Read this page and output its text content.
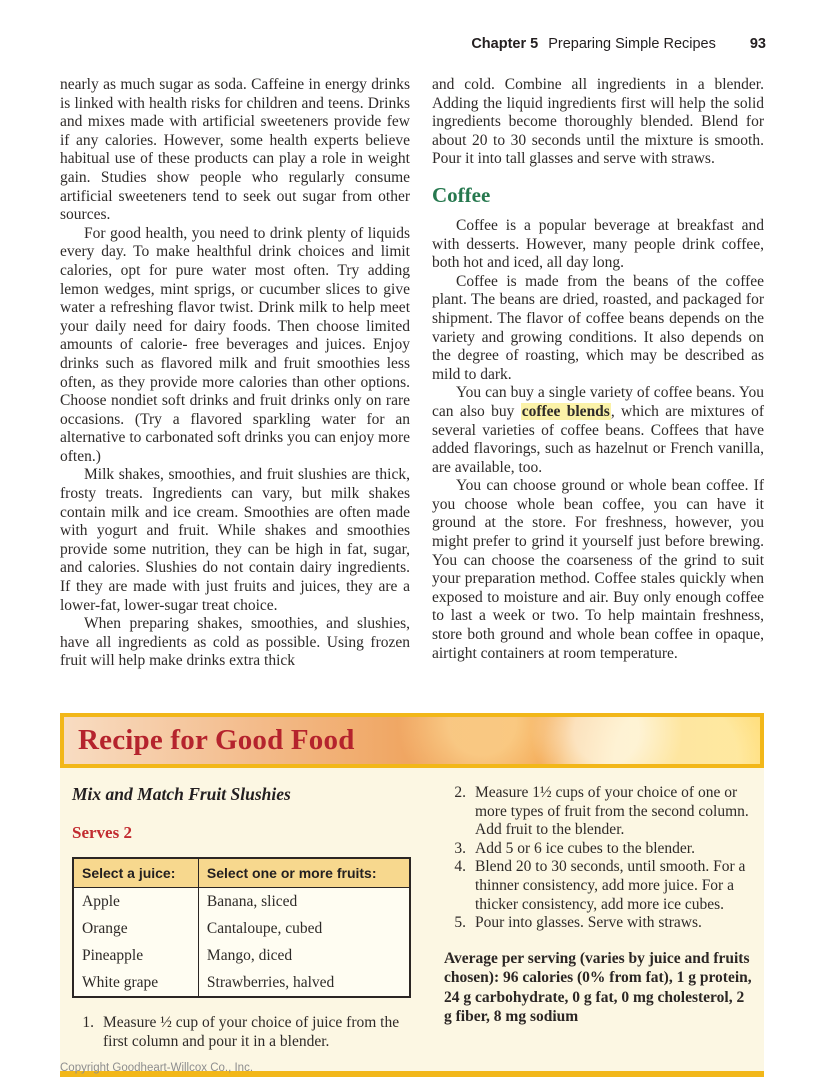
Chapter 5 Preparing Simple Recipes 93

nearly as much sugar as soda. Caffeine in energy drinks is linked with health risks for children and teens. Drinks and mixes made with artificial sweeteners provide few if any calories. However, some health experts believe habitual use of these products can play a role in weight gain. Studies show people who regularly consume artificial sweeteners tend to seek out sugar from other sources.

For good health, you need to drink plenty of liquids every day. To make healthful drink choices and limit calories, opt for pure water most often. Try adding lemon wedges, mint sprigs, or cucumber slices to give water a refreshing flavor twist. Drink milk to help meet your daily need for dairy foods. Then choose limited amounts of calorie- free beverages and juices. Enjoy drinks such as flavored milk and fruit smoothies less often, as they provide more calories than other options. Choose nondiet soft drinks and fruit drinks only on rare occasions. (Try a flavored sparkling water for an alternative to carbonated soft drinks you can enjoy more often.)

Milk shakes, smoothies, and fruit slushies are thick, frosty treats. Ingredients can vary, but milk shakes contain milk and ice cream. Smoothies are often made with yogurt and fruit. While shakes and smoothies provide some nutrition, they can be high in fat, sugar, and calories. Slushies do not contain dairy ingredients. If they are made with just fruits and juices, they are a lower-fat, lower-sugar treat choice.

When preparing shakes, smoothies, and slushies, have all ingredients as cold as possible. Using frozen fruit will help make drinks extra thick

and cold. Combine all ingredients in a blender. Adding the liquid ingredients first will help the solid ingredients become thoroughly blended. Blend for about 20 to 30 seconds until the mixture is smooth. Pour it into tall glasses and serve with straws.

Coffee

Coffee is a popular beverage at breakfast and with desserts. However, many people drink coffee, both hot and iced, all day long.

Coffee is made from the beans of the coffee plant. The beans are dried, roasted, and packaged for shipment. The flavor of coffee beans depends on the variety and growing conditions. It also depends on the degree of roasting, which may be described as mild to dark.

You can buy a single variety of coffee beans. You can also buy coffee blends, which are mixtures of several varieties of coffee beans. Coffees that have added flavorings, such as hazelnut or French vanilla, are available, too.

You can choose ground or whole bean coffee. If you choose whole bean coffee, you can have it ground at the store. For freshness, however, you might prefer to grind it yourself just before brewing. You can choose the coarseness of the grind to suit your preparation method. Coffee stales quickly when exposed to moisture and air. Buy only enough coffee to last a week or two. To help maintain freshness, store both ground and whole bean coffee in opaque, airtight containers at room temperature.

Recipe for Good Food
Mix and Match Fruit Slushies
Serves 2
Select a juice:	Select one or more fruits:
Apple	Banana, sliced
Orange	Cantaloupe, cubed
Pineapple	Mango, diced
White grape	Strawberries, halved
1. Measure ½ cup of your choice of juice from the first column and pour it in a blender.
2. Measure 1½ cups of your choice of one or more types of fruit from the second column. Add fruit to the blender.
3. Add 5 or 6 ice cubes to the blender.
4. Blend 20 to 30 seconds, until smooth. For a thinner consistency, add more juice. For a thicker consistency, add more ice cubes.
5. Pour into glasses. Serve with straws.
Average per serving (varies by juice and fruits chosen): 96 calories (0% from fat), 1 g protein, 24 g carbohydrate, 0 g fat, 0 mg cholesterol, 2 g fiber, 8 mg sodium
Copyright Goodheart-Willcox Co., Inc.
